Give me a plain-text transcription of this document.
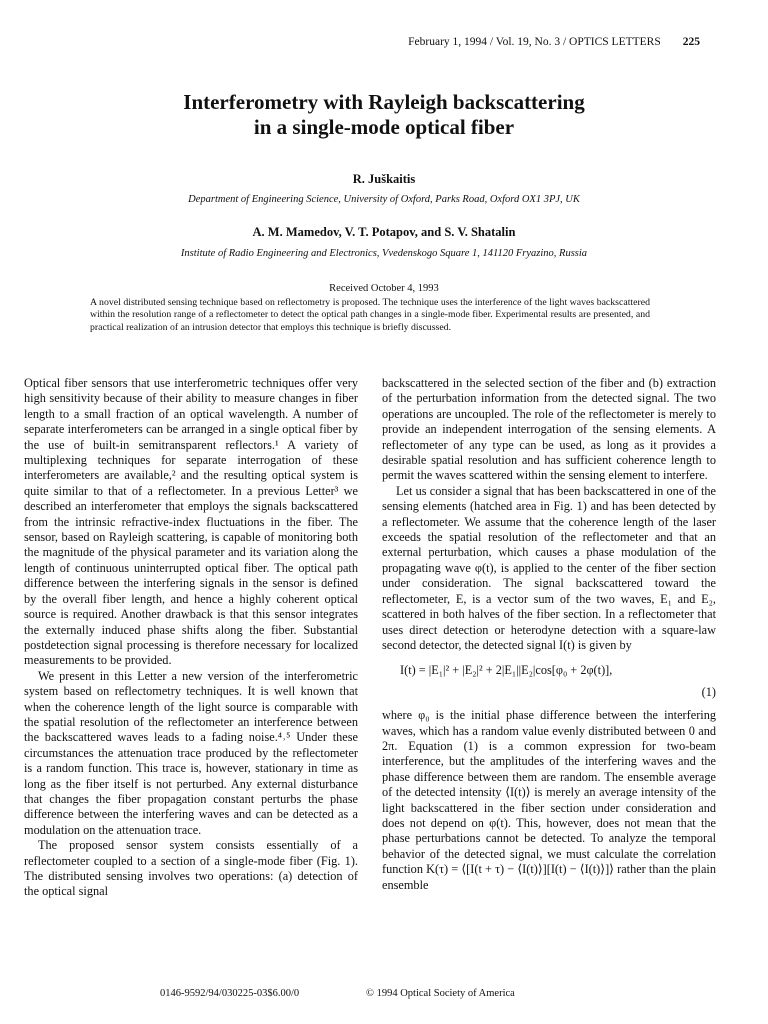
February 1, 1994 / Vol. 19, No. 3 / OPTICS LETTERS 225
Interferometry with Rayleigh backscattering
in a single-mode optical fiber
R. Juškaitis
Department of Engineering Science, University of Oxford, Parks Road, Oxford OX1 3PJ, UK
A. M. Mamedov, V. T. Potapov, and S. V. Shatalin
Institute of Radio Engineering and Electronics, Vvedenskogo Square 1, 141120 Fryazino, Russia
Received October 4, 1993
A novel distributed sensing technique based on reflectometry is proposed. The technique uses the interference of the light waves backscattered within the resolution range of a reflectometer to detect the optical path changes in a single-mode fiber. Experimental results are presented, and practical realization of an intrusion detector that employs this technique is briefly discussed.

Optical fiber sensors that use interferometric techniques offer very high sensitivity because of their ability to measure changes in fiber length to a small fraction of an optical wavelength. A number of separate interferometers can be arranged in a single optical fiber by the use of built-in semitransparent reflectors.¹ A variety of multiplexing techniques for separate interrogation of these interferometers are available,² and the resulting optical system is quite similar to that of a reflectometer. In a previous Letter³ we described an interferometer that employs the signals backscattered from the intrinsic refractive-index fluctuations in the fiber. The sensor, based on Rayleigh scattering, is capable of monitoring both the magnitude of the physical parameter and its variation along the length of continuous uninterrupted optical fiber. The optical path difference between the interfering signals in the sensor is defined by the overall fiber length, and hence a highly coherent optical source is required. Another drawback is that this sensor integrates the externally induced phase shifts along the fiber. Substantial postdetection signal processing is therefore necessary for localized measurements to be provided.

We present in this Letter a new version of the interferometric system based on reflectometry techniques. It is well known that when the coherence length of the light source is comparable with the spatial resolution of the reflectometer an interference between the backscattered waves leads to a fading noise.⁴˒⁵ Under these circumstances the attenuation trace produced by the reflectometer is a random function. This trace is, however, stationary in time as long as the fiber itself is not perturbed. Any external disturbance that changes the fiber propagation constant perturbs the phase difference between the interfering waves and can be detected as a modulation on the attenuation trace.

The proposed sensor system consists essentially of a reflectometer coupled to a section of a single-mode fiber (Fig. 1). The distributed sensing involves two operations: (a) detection of the optical signal

backscattered in the selected section of the fiber and (b) extraction of the perturbation information from the detected signal. The two operations are uncoupled. The role of the reflectometer is merely to provide an independent interrogation of the sensing elements. A reflectometer of any type can be used, as long as it provides a desirable spatial resolution and has sufficient coherence length to permit the waves scattered within the sensing element to interfere.

Let us consider a signal that has been backscattered in one of the sensing elements (hatched area in Fig. 1) and has been detected by a reflectometer. We assume that the coherence length of the laser exceeds the spatial resolution of the reflectometer and that an external perturbation, which causes a phase modulation of the propagating wave φ(t), is applied to the center of the fiber section under consideration. The signal backscattered toward the reflectometer, E, is a vector sum of the two waves, E₁ and E₂, scattered in both halves of the fiber section. In a reflectometer that uses direct detection or heterodyne detection with a square-law second detector, the detected signal I(t) is given by

I(t) = |E₁|² + |E₂|² + 2|E₁||E₂|cos[φ₀ + 2φ(t)],
(1)

where φ₀ is the initial phase difference between the interfering waves, which has a random value evenly distributed between 0 and 2π. Equation (1) is a common expression for two-beam interference, but the amplitudes of the interfering waves and the phase difference between them are random. The ensemble average of the detected intensity ⟨I(t)⟩ is merely an average intensity of the light backscattered in the fiber section under consideration and does not depend on φ(t). This, however, does not mean that the phase perturbations cannot be detected. To analyze the temporal behavior of the detected signal, we must calculate the correlation function K(τ) = ⟨[I(t + τ) − ⟨I(t)⟩][I(t) − ⟨I(t)⟩]⟩ rather than the plain ensemble

0146-9592/94/030225-03$6.00/0	© 1994 Optical Society of America
